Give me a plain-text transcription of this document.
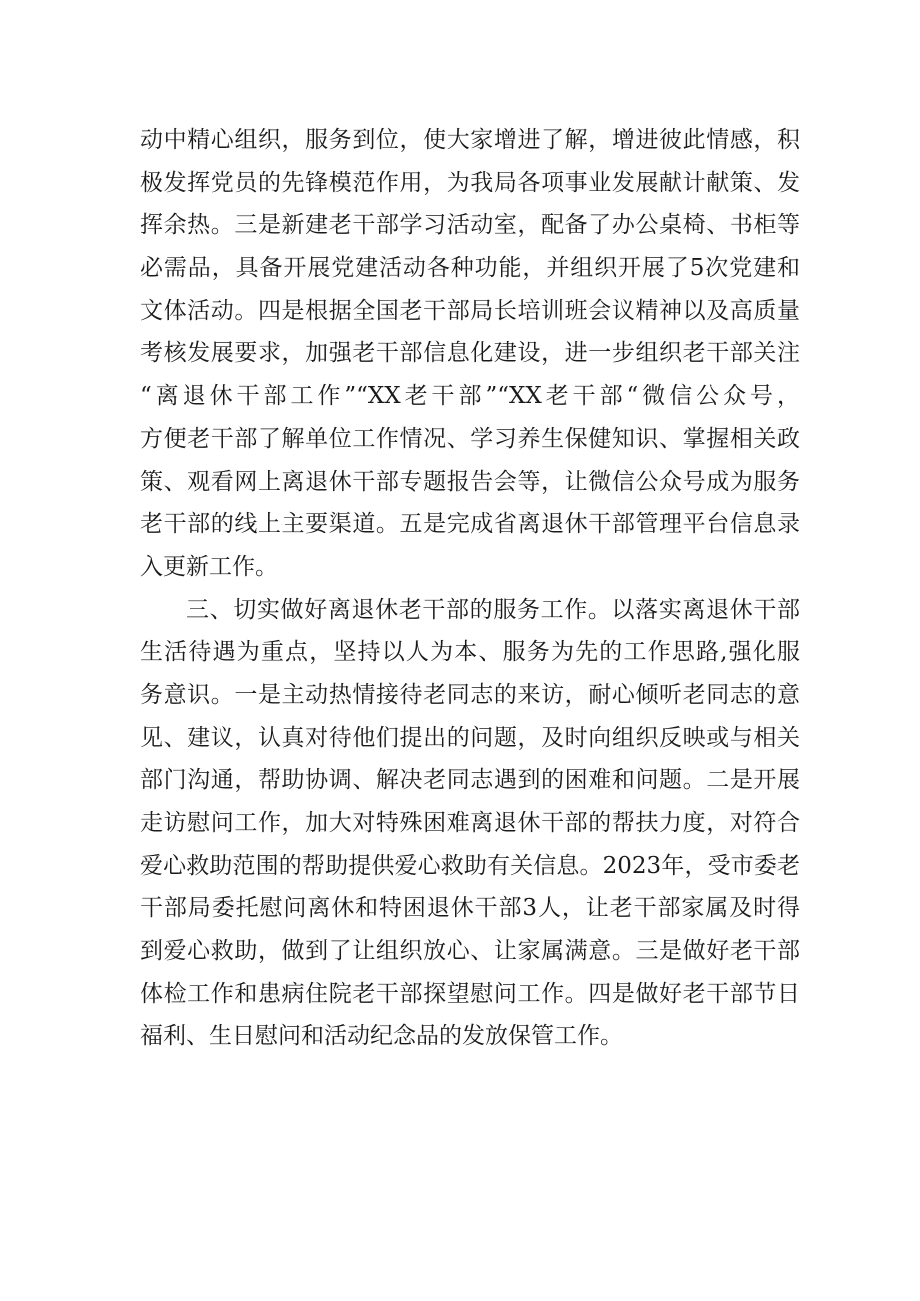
动中精心组织，服务到位，使大家增进了解，增进彼此情感，积
极发挥党员的先锋模范作用，为我局各项事业发展献计献策、发
挥余热。三是新建老干部学习活动室，配备了办公桌椅、书柜等
必需品，具备开展党建活动各种功能，并组织开展了5次党建和
文体活动。四是根据全国老干部局长培训班会议精神以及高质量
考核发展要求，加强老干部信息化建设，进一步组织老干部关注
“离退休干部工作”“XX老干部”“XX老干部“微信公众号，
方便老干部了解单位工作情况、学习养生保健知识、掌握相关政
策、观看网上离退休干部专题报告会等，让微信公众号成为服务
老干部的线上主要渠道。五是完成省离退休干部管理平台信息录
入更新工作。
三、切实做好离退休老干部的服务工作。以落实离退休干部
生活待遇为重点，坚持以人为本、服务为先的工作思路,强化服
务意识。一是主动热情接待老同志的来访，耐心倾听老同志的意
见、建议，认真对待他们提出的问题，及时向组织反映或与相关
部门沟通，帮助协调、解决老同志遇到的困难和问题。二是开展
走访慰问工作，加大对特殊困难离退休干部的帮扶力度，对符合
爱心救助范围的帮助提供爱心救助有关信息。2023年，受市委老
干部局委托慰问离休和特困退休干部3人，让老干部家属及时得
到爱心救助，做到了让组织放心、让家属满意。三是做好老干部
体检工作和患病住院老干部探望慰问工作。四是做好老干部节日
福利、生日慰问和活动纪念品的发放保管工作。
